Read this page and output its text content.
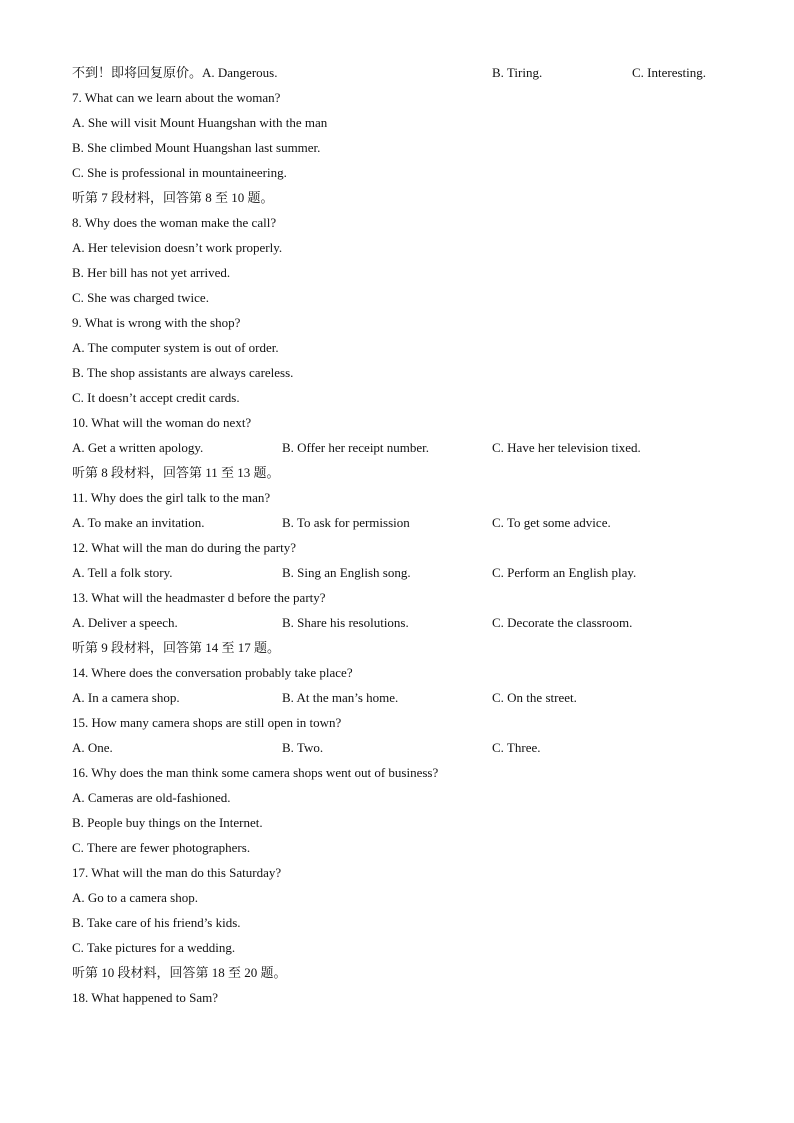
不到！即将回复原价。A. Dangerous.	B. Tiring.	C. Interesting.
7. What can we learn about the woman?
A. She will visit Mount Huangshan with the man
B. She climbed Mount Huangshan last summer.
C. She is professional in mountaineering.
听第 7 段材料，回答第 8 至 10 题。
8. Why does the woman make the call?
A. Her television doesn’t work properly.
B. Her bill has not yet arrived.
C. She was charged twice.
9. What is wrong with the shop?
A. The computer system is out of order.
B. The shop assistants are always careless.
C. It doesn’t accept credit cards.
10. What will the woman do next?
A. Get a written apology.	B. Offer her receipt number.	C. Have her television tixed.
听第 8 段材料，回答第 11 至 13 题。
11. Why does the girl talk to the man?
A. To make an invitation.	B. To ask for permission	C. To get some advice.
12. What will the man do during the party?
A. Tell a folk story.	B. Sing an English song.	C. Perform an English play.
13. What will the headmaster d before the party?
A. Deliver a speech.	B. Share his resolutions.	C. Decorate the classroom.
听第 9 段材料，回答第 14 至 17 题。
14. Where does the conversation probably take place?
A. In a camera shop.	B. At the man’s home.	C. On the street.
15. How many camera shops are still open in town?
A. One.	B. Two.	C. Three.
16. Why does the man think some camera shops went out of business?
A. Cameras are old-fashioned.
B. People buy things on the Internet.
C. There are fewer photographers.
17. What will the man do this Saturday?
A. Go to a camera shop.
B. Take care of his friend’s kids.
C. Take pictures for a wedding.
听第 10 段材料，回答第 18 至 20 题。
18. What happened to Sam?
